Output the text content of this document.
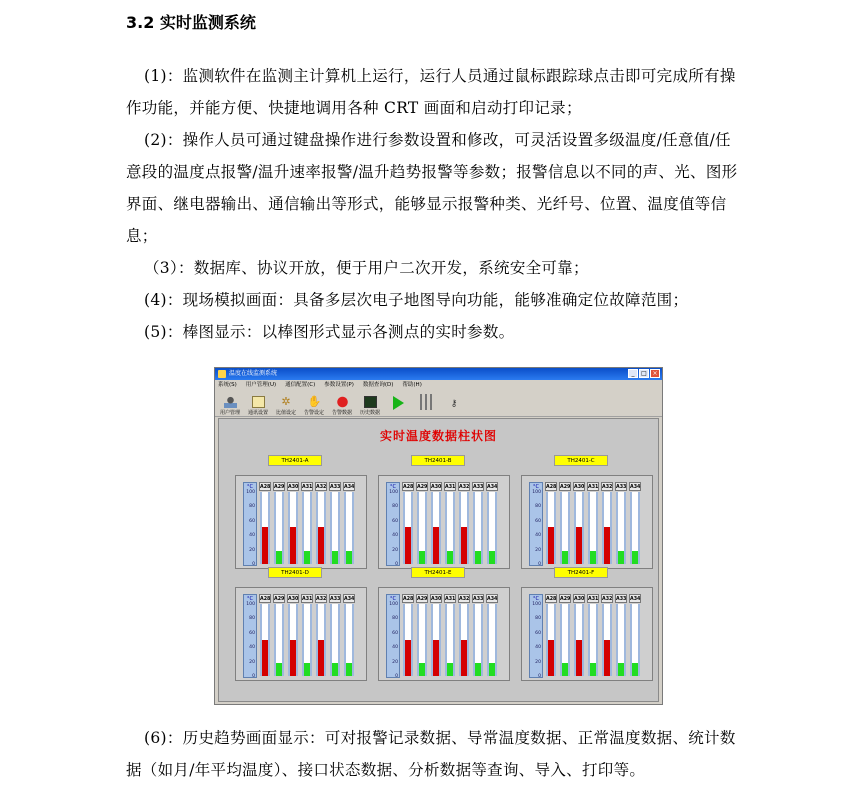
3.2 实时监测系统

(1)：监测软件在监测主计算机上运行，运行人员通过鼠标跟踪球点击即可完成所有操作功能，并能方便、快捷地调用各种 CRT 画面和启动打印记录；

(2)：操作人员可通过键盘操作进行参数设置和修改，可灵活设置多级温度/任意值/任意段的温度点报警/温升速率报警/温升趋势报警等参数；报警信息以不同的声、光、图形界面、继电器输出、通信输出等形式，能够显示报警种类、光纤号、位置、温度值等信息；

（3）：数据库、协议开放，便于用户二次开发，系统安全可靠；

(4)：现场模拟画面：具备多层次电子地图导向功能，能够准确定位故障范围；

(5)：棒图显示：以棒图形式显示各测点的实时参数。

温度在线监测系统	_	□ ×
系统(S) 用户管理(U) 通信配置(C) 参数设置(P) 数据查询(D) 帮助(H)
用户管理 通讯设置
✲
比值设定
✋
告警设定 告警数据 历史数据
⚷
实时温度数据柱状图
TH2401-A
°C
0
20
40
60
80
100
A28 A29 A30 A31 A32 A33 A34
TH2401-B
°C
0
20
40
60
80
100
A28 A29 A30 A31 A32 A33 A34
TH2401-C
°C
0
20
40
60
80
100
A28 A29 A30 A31 A32 A33 A34
TH2401-D
°C
0
20
40
60
80
100
A28 A29 A30 A31 A32 A33 A34
TH2401-E
°C
0
20
40
60
80
100
A28 A29 A30 A31 A32 A33 A34
TH2401-F
°C
0
20
40
60
80
100
A28 A29 A30 A31 A32 A33 A34

(6)：历史趋势画面显示：可对报警记录数据、导常温度数据、正常温度数据、统计数据（如月/年平均温度）、接口状态数据、分析数据等查询、导入、打印等。
